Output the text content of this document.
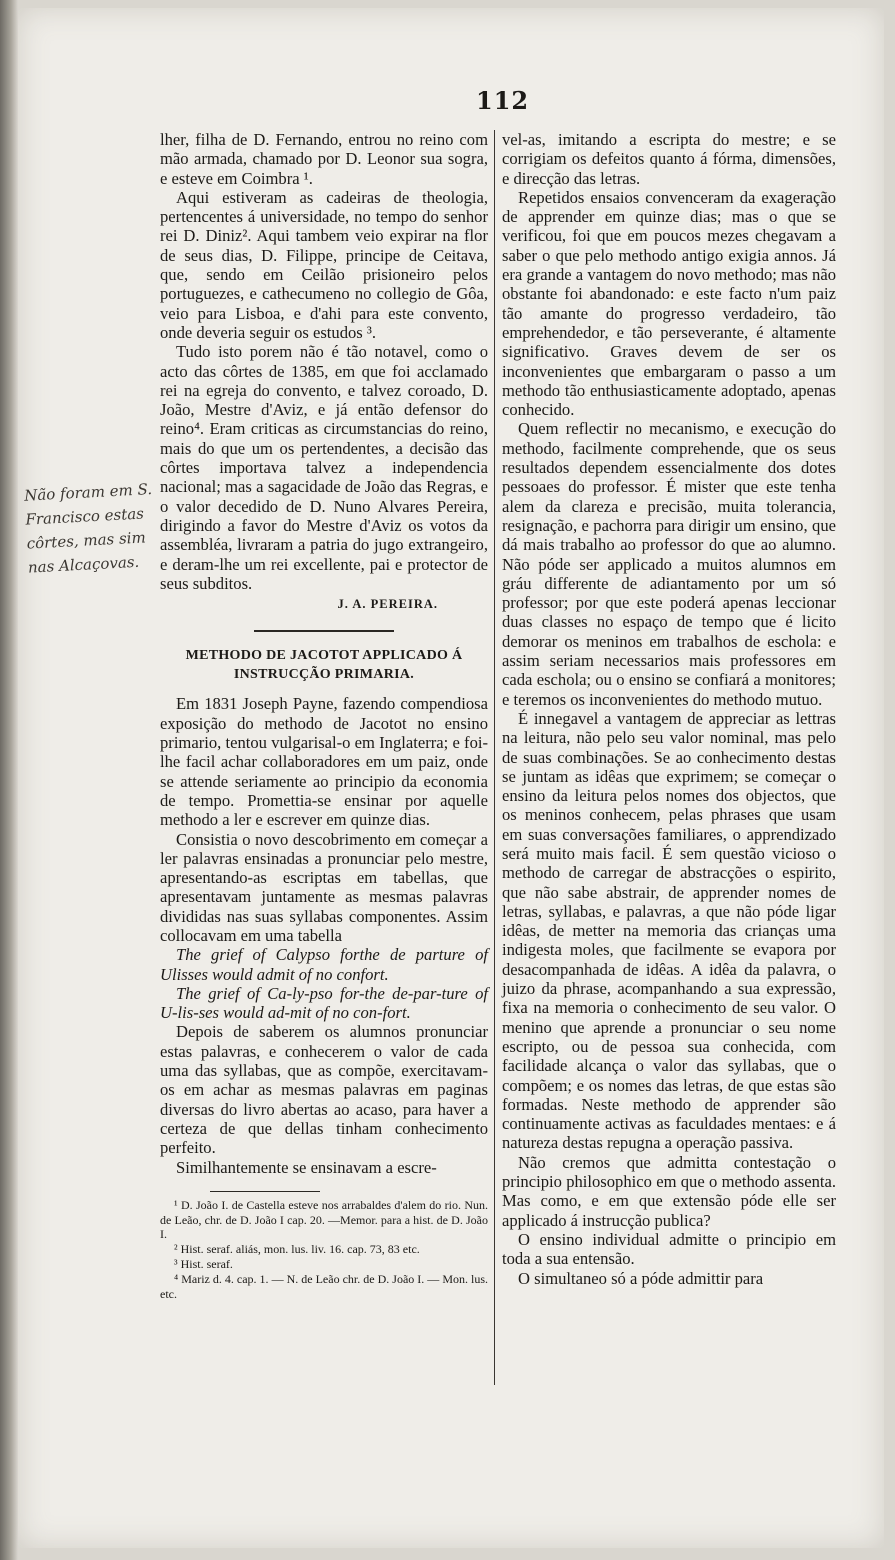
112
Não foram em S. Francisco estas côrtes, mas sim nas Alcaçovas.

lher, filha de D. Fernando, entrou no reino com mão armada, chamado por D. Leonor sua sogra, e esteve em Coimbra ¹.

Aqui estiveram as cadeiras de theologia, pertencentes á universidade, no tempo do senhor rei D. Diniz². Aqui tambem veio expirar na flor de seus dias, D. Filippe, principe de Ceitava, que, sendo em Ceilão prisioneiro pelos portuguezes, e cathecumeno no collegio de Gôa, veio para Lisboa, e d'ahi para este convento, onde deveria seguir os estudos ³.

Tudo isto porem não é tão notavel, como o acto das côrtes de 1385, em que foi acclamado rei na egreja do convento, e talvez coroado, D. João, Mestre d'Aviz, e já então defensor do reino⁴. Eram criticas as circumstancias do reino, mais do que um os pertendentes, a decisão das côrtes importava talvez a independencia nacional; mas a sagacidade de João das Regras, e o valor decedido de D. Nuno Alvares Pereira, dirigindo a favor do Mestre d'Aviz os votos da assembléa, livraram a patria do jugo extrangeiro, e deram-lhe um rei excellente, pai e protector de seus subditos.

J. A. PEREIRA.
METHODO DE JACOTOT APPLICADO Á INSTRUCÇÃO PRIMARIA.

Em 1831 Joseph Payne, fazendo compendiosa exposição do methodo de Jacotot no ensino primario, tentou vulgarisal-o em Inglaterra; e foi-lhe facil achar collaboradores em um paiz, onde se attende seriamente ao principio da economia de tempo. Promettia-se ensinar por aquelle methodo a ler e escrever em quinze dias.

Consistia o novo descobrimento em começar a ler palavras ensinadas a pronunciar pelo mestre, apresentando-as escriptas em tabellas, que apresentavam juntamente as mesmas palavras divididas nas suas syllabas componentes. Assim collocavam em uma tabella

The grief of Calypso forthe de parture of Ulisses would admit of no confort.

The grief of Ca-ly-pso for-the de-par-ture of U-lis-ses would ad-mit of no con-fort.

Depois de saberem os alumnos pronunciar estas palavras, e conhecerem o valor de cada uma das syllabas, que as compõe, exercitavam-os em achar as mesmas palavras em paginas diversas do livro abertas ao acaso, para haver a certeza de que dellas tinham conhecimento perfeito.

Similhantemente se ensinavam a escre-

¹ D. João I. de Castella esteve nos arrabaldes d'alem do rio. Nun. de Leão, chr. de D. João I cap. 20. —Memor. para a hist. de D. João I.

² Hist. seraf. aliás, mon. lus. liv. 16. cap. 73, 83 etc.

³ Hist. seraf.

⁴ Mariz d. 4. cap. 1. — N. de Leão chr. de D. João I. — Mon. lus. etc.

vel-as, imitando a escripta do mestre; e se corrigiam os defeitos quanto á fórma, dimensões, e direcção das letras.

Repetidos ensaios convenceram da exageração de apprender em quinze dias; mas o que se verificou, foi que em poucos mezes chegavam a saber o que pelo methodo antigo exigia annos. Já era grande a vantagem do novo methodo; mas não obstante foi abandonado: e este facto n'um paiz tão amante do progresso verdadeiro, tão emprehendedor, e tão perseverante, é altamente significativo. Graves devem de ser os inconvenientes que embargaram o passo a um methodo tão enthusiasticamente adoptado, apenas conhecido.

Quem reflectir no mecanismo, e execução do methodo, facilmente comprehende, que os seus resultados dependem essencialmente dos dotes pessoaes do professor. É mister que este tenha alem da clareza e precisão, muita tolerancia, resignação, e pachorra para dirigir um ensino, que dá mais trabalho ao professor do que ao alumno. Não póde ser applicado a muitos alumnos em gráu differente de adiantamento por um só professor; por que este poderá apenas leccionar duas classes no espaço de tempo que é licito demorar os meninos em trabalhos de eschola: e assim seriam necessarios mais professores em cada eschola; ou o ensino se confiará a monitores; e teremos os inconvenientes do methodo mutuo.

É innegavel a vantagem de appreciar as lettras na leitura, não pelo seu valor nominal, mas pelo de suas combinações. Se ao conhecimento destas se juntam as idêas que exprimem; se começar o ensino da leitura pelos nomes dos objectos, que os meninos conhecem, pelas phrases que usam em suas conversações familiares, o apprendizado será muito mais facil. É sem questão vicioso o methodo de carregar de abstracções o espirito, que não sabe abstrair, de apprender nomes de letras, syllabas, e palavras, a que não póde ligar idêas, de metter na memoria das crianças uma indigesta moles, que facilmente se evapora por desacompanhada de idêas. A idêa da palavra, o juizo da phrase, acompanhando a sua expressão, fixa na memoria o conhecimento de seu valor. O menino que aprende a pronunciar o seu nome escripto, ou de pessoa sua conhecida, com facilidade alcança o valor das syllabas, que o compõem; e os nomes das letras, de que estas são formadas. Neste methodo de apprender são continuamente activas as faculdades mentaes: e á natureza destas repugna a operação passiva.

Não cremos que admitta contestação o principio philosophico em que o methodo assenta. Mas como, e em que extensão póde elle ser applicado á instrucção publica?

O ensino individual admitte o principio em toda a sua entensão.

O simultaneo só a póde admittir para
